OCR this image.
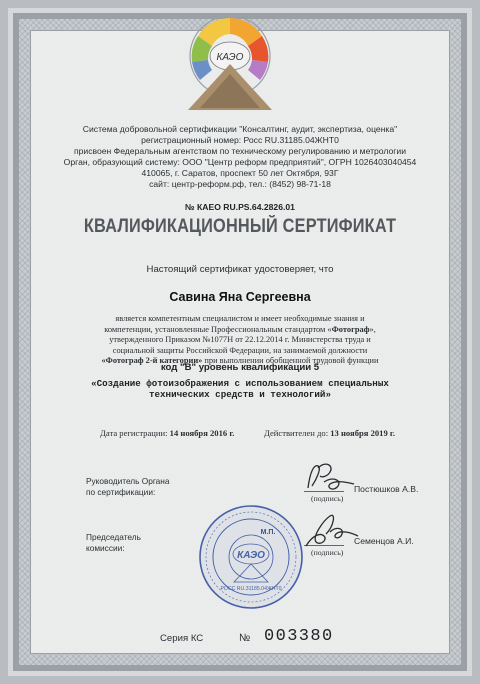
КАЭО
Система добровольной сертификации "Консалтинг, аудит, экспертиза, оценка"
регистрационный номер: Росс RU.31185.04ЖНТ0
присвоен Федеральным агентством по техническому регулированию и метрологии
Орган, образующий систему: ООО "Центр реформ предприятий", ОГРН 1026403040454
410065, г. Саратов, проспект 50 лет Октября, 93Г
сайт: центр-реформ.рф, тел.: (8452) 98-71-18
№ КАЕО RU.PS.64.2826.01
КВАЛИФИКАЦИОННЫЙ СЕРТИФИКАТ
Настоящий сертификат удостоверяет, что
Савина Яна Сергеевна
является компетентным специалистом и имеет необходимые знания и
компетенции, установленные Профессиональным стандартом «Фотограф»,
утвержденного Приказом №1077Н от 22.12.2014 г. Министерства труда и
социальной защиты Российской Федерации, на занимаемой должности
«Фотограф 2-й категории» при выполнении обобщенной трудовой функции
код "В" уровень квалификации 5
«Создание фотоизображения с использованием специальных
технических средств и технологий»
Дата регистрации: 14 ноября 2016 г.	Действителен до: 13 ноября 2019 г.
Руководитель Органа
по сертификации:
(подпись)
Постюшков А.В.
Председатель
комиссии:	(подпись)
Семенцов А.И.
КАЭО
М.П.
РОСС RU.31185.04ЖНТ0
Серия КС	№ 003380
